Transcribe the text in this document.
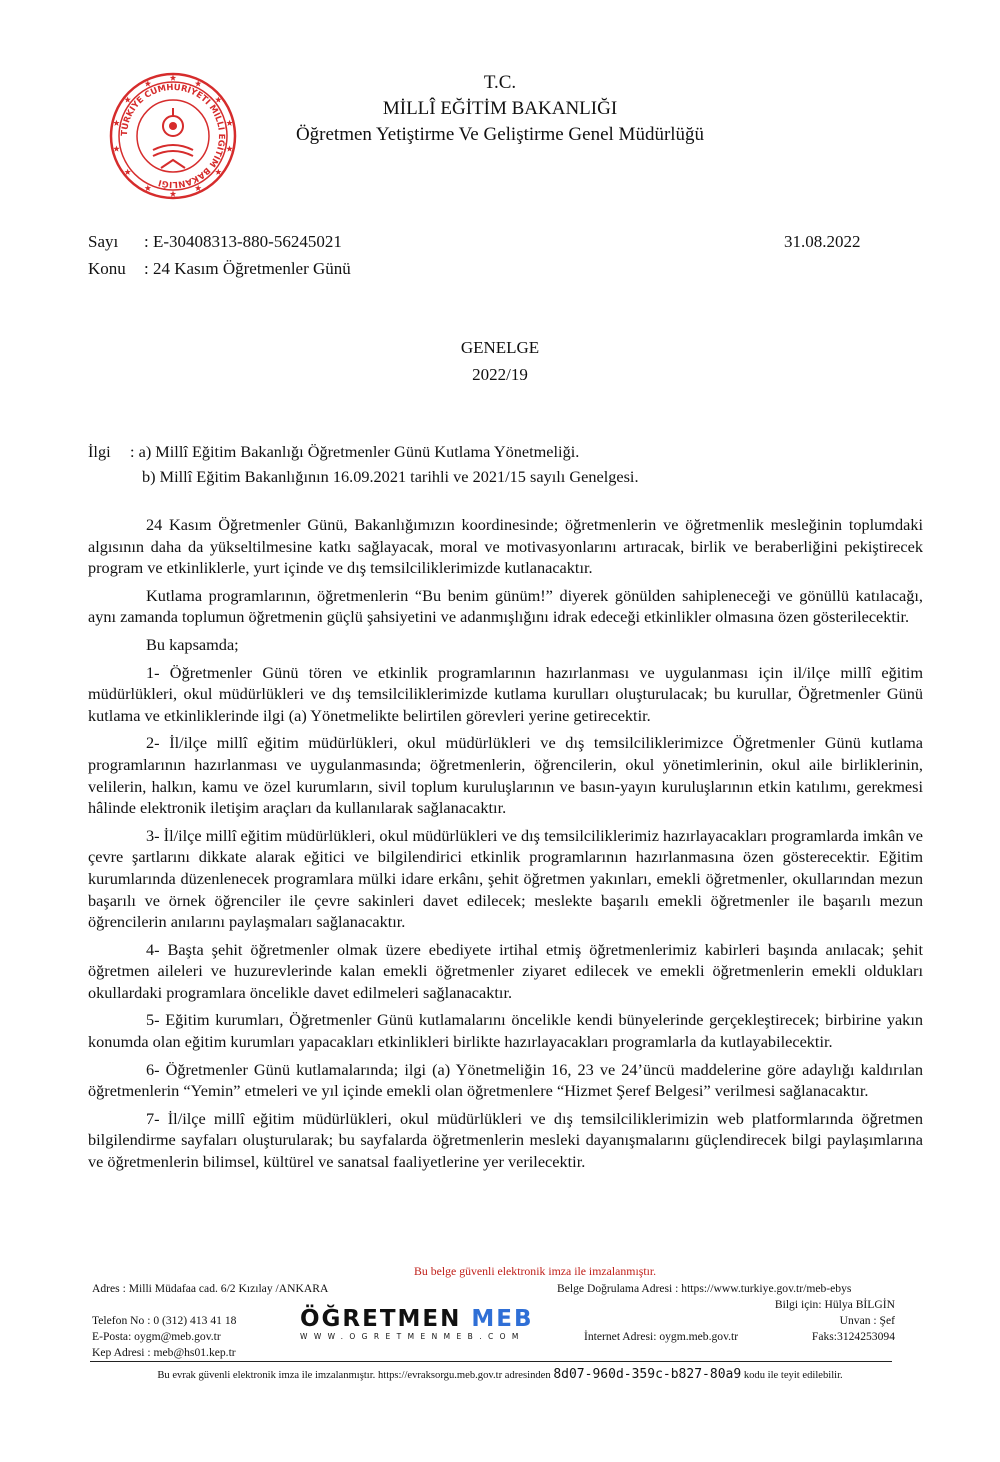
TÜRKİYE CUMHURİYETİ MİLLÎ EĞİTİM BAKANLIĞI
T.C.
MİLLÎ EĞİTİM BAKANLIĞI
Öğretmen Yetiştirme Ve Geliştirme Genel Müdürlüğü
Sayı : E-30408313-880-56245021	31.08.2022
Konu : 24 Kasım Öğretmenler Günü
GENELGE
2022/19
İlgi : a) Millî Eğitim Bakanlığı Öğretmenler Günü Kutlama Yönetmeliği.
b) Millî Eğitim Bakanlığının 16.09.2021 tarihli ve 2021/15 sayılı Genelgesi.

24 Kasım Öğretmenler Günü, Bakanlığımızın koordinesinde; öğretmenlerin ve öğretmenlik mesleğinin toplumdaki algısının daha da yükseltilmesine katkı sağlayacak, moral ve motivasyonlarını artıracak, birlik ve beraberliğini pekiştirecek program ve etkinliklerle, yurt içinde ve dış temsilciliklerimizde kutlanacaktır.

Kutlama programlarının, öğretmenlerin “Bu benim günüm!” diyerek gönülden sahipleneceği ve gönüllü katılacağı, aynı zamanda toplumun öğretmenin güçlü şahsiyetini ve adanmışlığını idrak edeceği etkinlikler olmasına özen gösterilecektir.

Bu kapsamda;

1- Öğretmenler Günü tören ve etkinlik programlarının hazırlanması ve uygulanması için il/ilçe millî eğitim müdürlükleri, okul müdürlükleri ve dış temsilciliklerimizde kutlama kurulları oluşturulacak; bu kurullar, Öğretmenler Günü kutlama ve etkinliklerinde ilgi (a) Yönetmelikte belirtilen görevleri yerine getirecektir.

2- İl/ilçe millî eğitim müdürlükleri, okul müdürlükleri ve dış temsilciliklerimizce Öğretmenler Günü kutlama programlarının hazırlanması ve uygulanmasında; öğretmenlerin, öğrencilerin, okul yönetimlerinin, okul aile birliklerinin, velilerin, halkın, kamu ve özel kurumların, sivil toplum kuruluşlarının ve basın-yayın kuruluşlarının etkin katılımı, gerekmesi hâlinde elektronik iletişim araçları da kullanılarak sağlanacaktır.

3- İl/ilçe millî eğitim müdürlükleri, okul müdürlükleri ve dış temsilciliklerimiz hazırlayacakları programlarda imkân ve çevre şartlarını dikkate alarak eğitici ve bilgilendirici etkinlik programlarının hazırlanmasına özen gösterecektir. Eğitim kurumlarında düzenlenecek programlara mülki idare erkânı, şehit öğretmen yakınları, emekli öğretmenler, okullarından mezun başarılı ve örnek öğrenciler ile çevre sakinleri davet edilecek; meslekte başarılı emekli öğretmenler ile başarılı mezun öğrencilerin anılarını paylaşmaları sağlanacaktır.

4- Başta şehit öğretmenler olmak üzere ebediyete irtihal etmiş öğretmenlerimiz kabirleri başında anılacak; şehit öğretmen aileleri ve huzurevlerinde kalan emekli öğretmenler ziyaret edilecek ve emekli öğretmenlerin emekli oldukları okullardaki programlara öncelikle davet edilmeleri sağlanacaktır.

5- Eğitim kurumları, Öğretmenler Günü kutlamalarını öncelikle kendi bünyelerinde gerçekleştirecek; birbirine yakın konumda olan eğitim kurumları yapacakları etkinlikleri birlikte hazırlayacakları programlarla da kutlayabilecektir.

6- Öğretmenler Günü kutlamalarında; ilgi (a) Yönetmeliğin 16, 23 ve 24’üncü maddelerine göre adaylığı kaldırılan öğretmenlerin “Yemin” etmeleri ve yıl içinde emekli olan öğretmenlere “Hizmet Şeref Belgesi” verilmesi sağlanacaktır.

7- İl/ilçe millî eğitim müdürlükleri, okul müdürlükleri ve dış temsilciliklerimizin web platformlarında öğretmen bilgilendirme sayfaları oluşturularak; bu sayfalarda öğretmenlerin mesleki dayanışmalarını güçlendirecek bilgi paylaşımlarına ve öğretmenlerin bilimsel, kültürel ve sanatsal faaliyetlerine yer verilecektir.

Bu belge güvenli elektronik imza ile imzalanmıştır.
Adres : Milli Müdafaa cad. 6/2 Kızılay /ANKARA	Belge Doğrulama Adresi : https://www.turkiye.gov.tr/meb-ebys
Bilgi için: Hülya BİLGİN
Unvan : Şef
Telefon No : 0 (312) 413 41 18
E-Posta: oygm@meb.gov.tr
Kep Adresi : meb@hs01.kep.tr
İnternet Adresi: oygm.meb.gov.tr	Faks:3124253094
ÖĞRETMEN MEB
WWW.OGRETMENMEB.COM
Bu evrak güvenli elektronik imza ile imzalanmıştır. https://evraksorgu.meb.gov.tr adresinden 8d07-960d-359c-b827-80a9 kodu ile teyit edilebilir.
